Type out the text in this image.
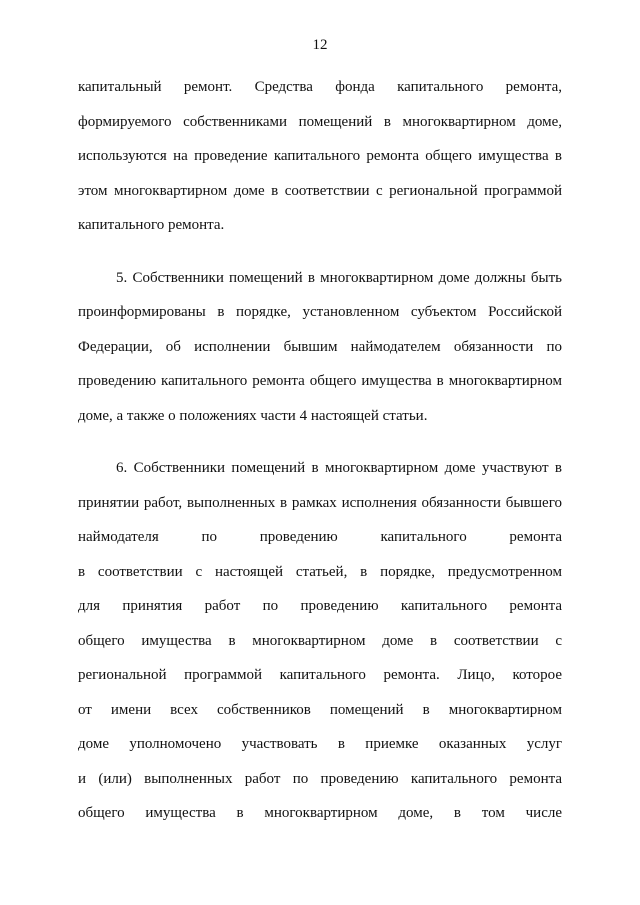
12
капитальный ремонт. Средства фонда капитального ремонта,
формируемого собственниками помещений в многоквартирном доме,
используются на проведение капитального ремонта общего имущества в
этом многоквартирном доме в соответствии с региональной программой
капитального ремонта.
5. Собственники помещений в многоквартирном доме должны быть
проинформированы в порядке, установленном субъектом Российской
Федерации, об исполнении бывшим наймодателем обязанности по
проведению капитального ремонта общего имущества в многоквартирном
доме, а также о положениях части 4 настоящей статьи.
6. Собственники помещений в многоквартирном доме участвуют в
принятии работ, выполненных в рамках исполнения обязанности бывшего
наймодателя по проведению капитального ремонта
в соответствии с настоящей статьей, в порядке, предусмотренном
для принятия работ по проведению капитального ремонта
общего имущества в многоквартирном доме в соответствии с
региональной программой капитального ремонта. Лицо, которое
от имени всех собственников помещений в многоквартирном
доме уполномочено участвовать в приемке оказанных услуг
и (или) выполненных работ по проведению капитального ремонта
общего имущества в многоквартирном доме, в том числе
